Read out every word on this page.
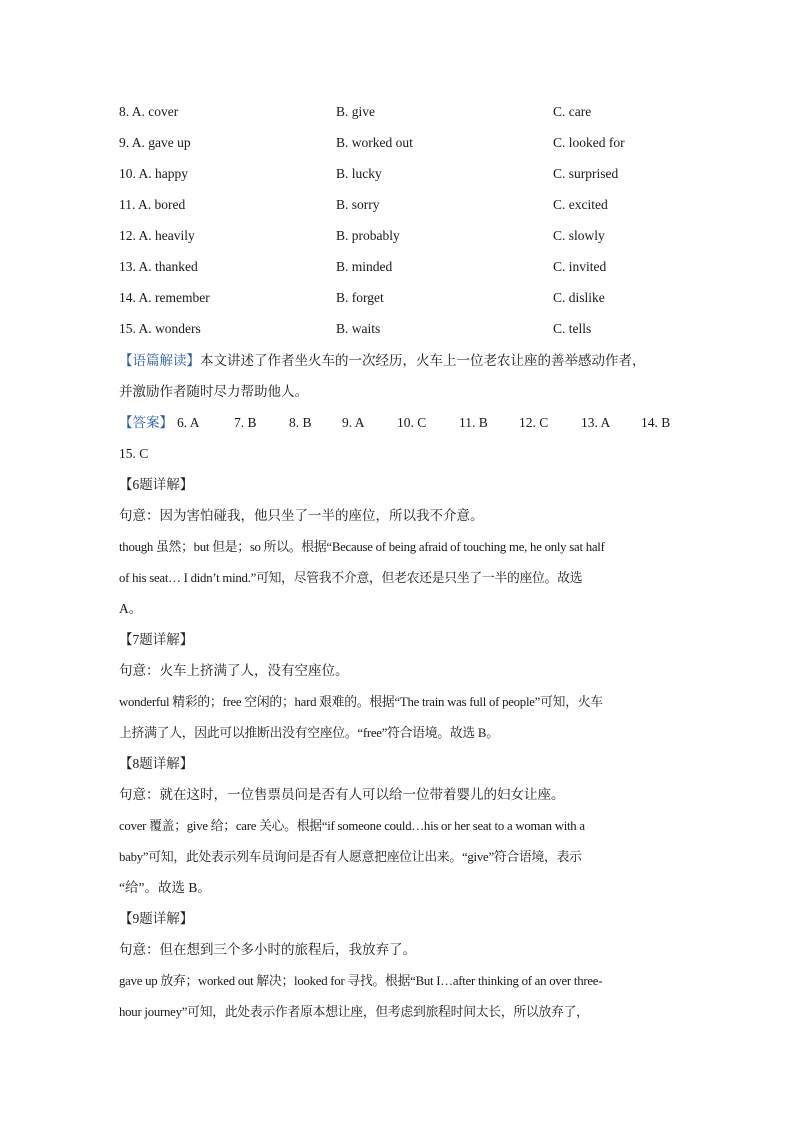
8. A. cover	B. give	C. care
9. A. gave up	B. worked out	C. looked for
10. A. happy	B. lucky	C. surprised
11. A. bored	B. sorry	C. excited
12. A. heavily	B. probably	C. slowly
13. A. thanked	B. minded	C. invited
14. A. remember	B. forget	C. dislike
15. A. wonders	B. waits	C. tells
【语篇解读】本文讲述了作者坐火车的一次经历，火车上一位老农让座的善举感动作者，
并激励作者随时尽力帮助他人。
【答案】 6. A	7. B 8. B 9. A 10. C 11. B 12. C 13. A 14. B
15. C
【6题详解】
句意：因为害怕碰我，他只坐了一半的座位，所以我不介意。
though 虽然；but 但是；so 所以。根据“Because of being afraid of touching me, he only sat half
of his seat… I didn’t mind.”可知，尽管我不介意，但老农还是只坐了一半的座位。故选
A。
【7题详解】
句意：火车上挤满了人，没有空座位。
wonderful 精彩的；free 空闲的；hard 艰难的。根据“The train was full of people”可知，火车
上挤满了人，因此可以推断出没有空座位。“free”符合语境。故选 B。
【8题详解】
句意：就在这时，一位售票员问是否有人可以给一位带着婴儿的妇女让座。
cover 覆盖；give 给；care 关心。根据“if someone could…his or her seat to a woman with a
baby”可知，此处表示列车员询问是否有人愿意把座位让出来。“give”符合语境，表示
“给”。故选 B。
【9题详解】
句意：但在想到三个多小时的旅程后，我放弃了。
gave up 放弃；worked out 解决；looked for 寻找。根据“But I…after thinking of an over three-
hour journey”可知，此处表示作者原本想让座，但考虑到旅程时间太长，所以放弃了，
